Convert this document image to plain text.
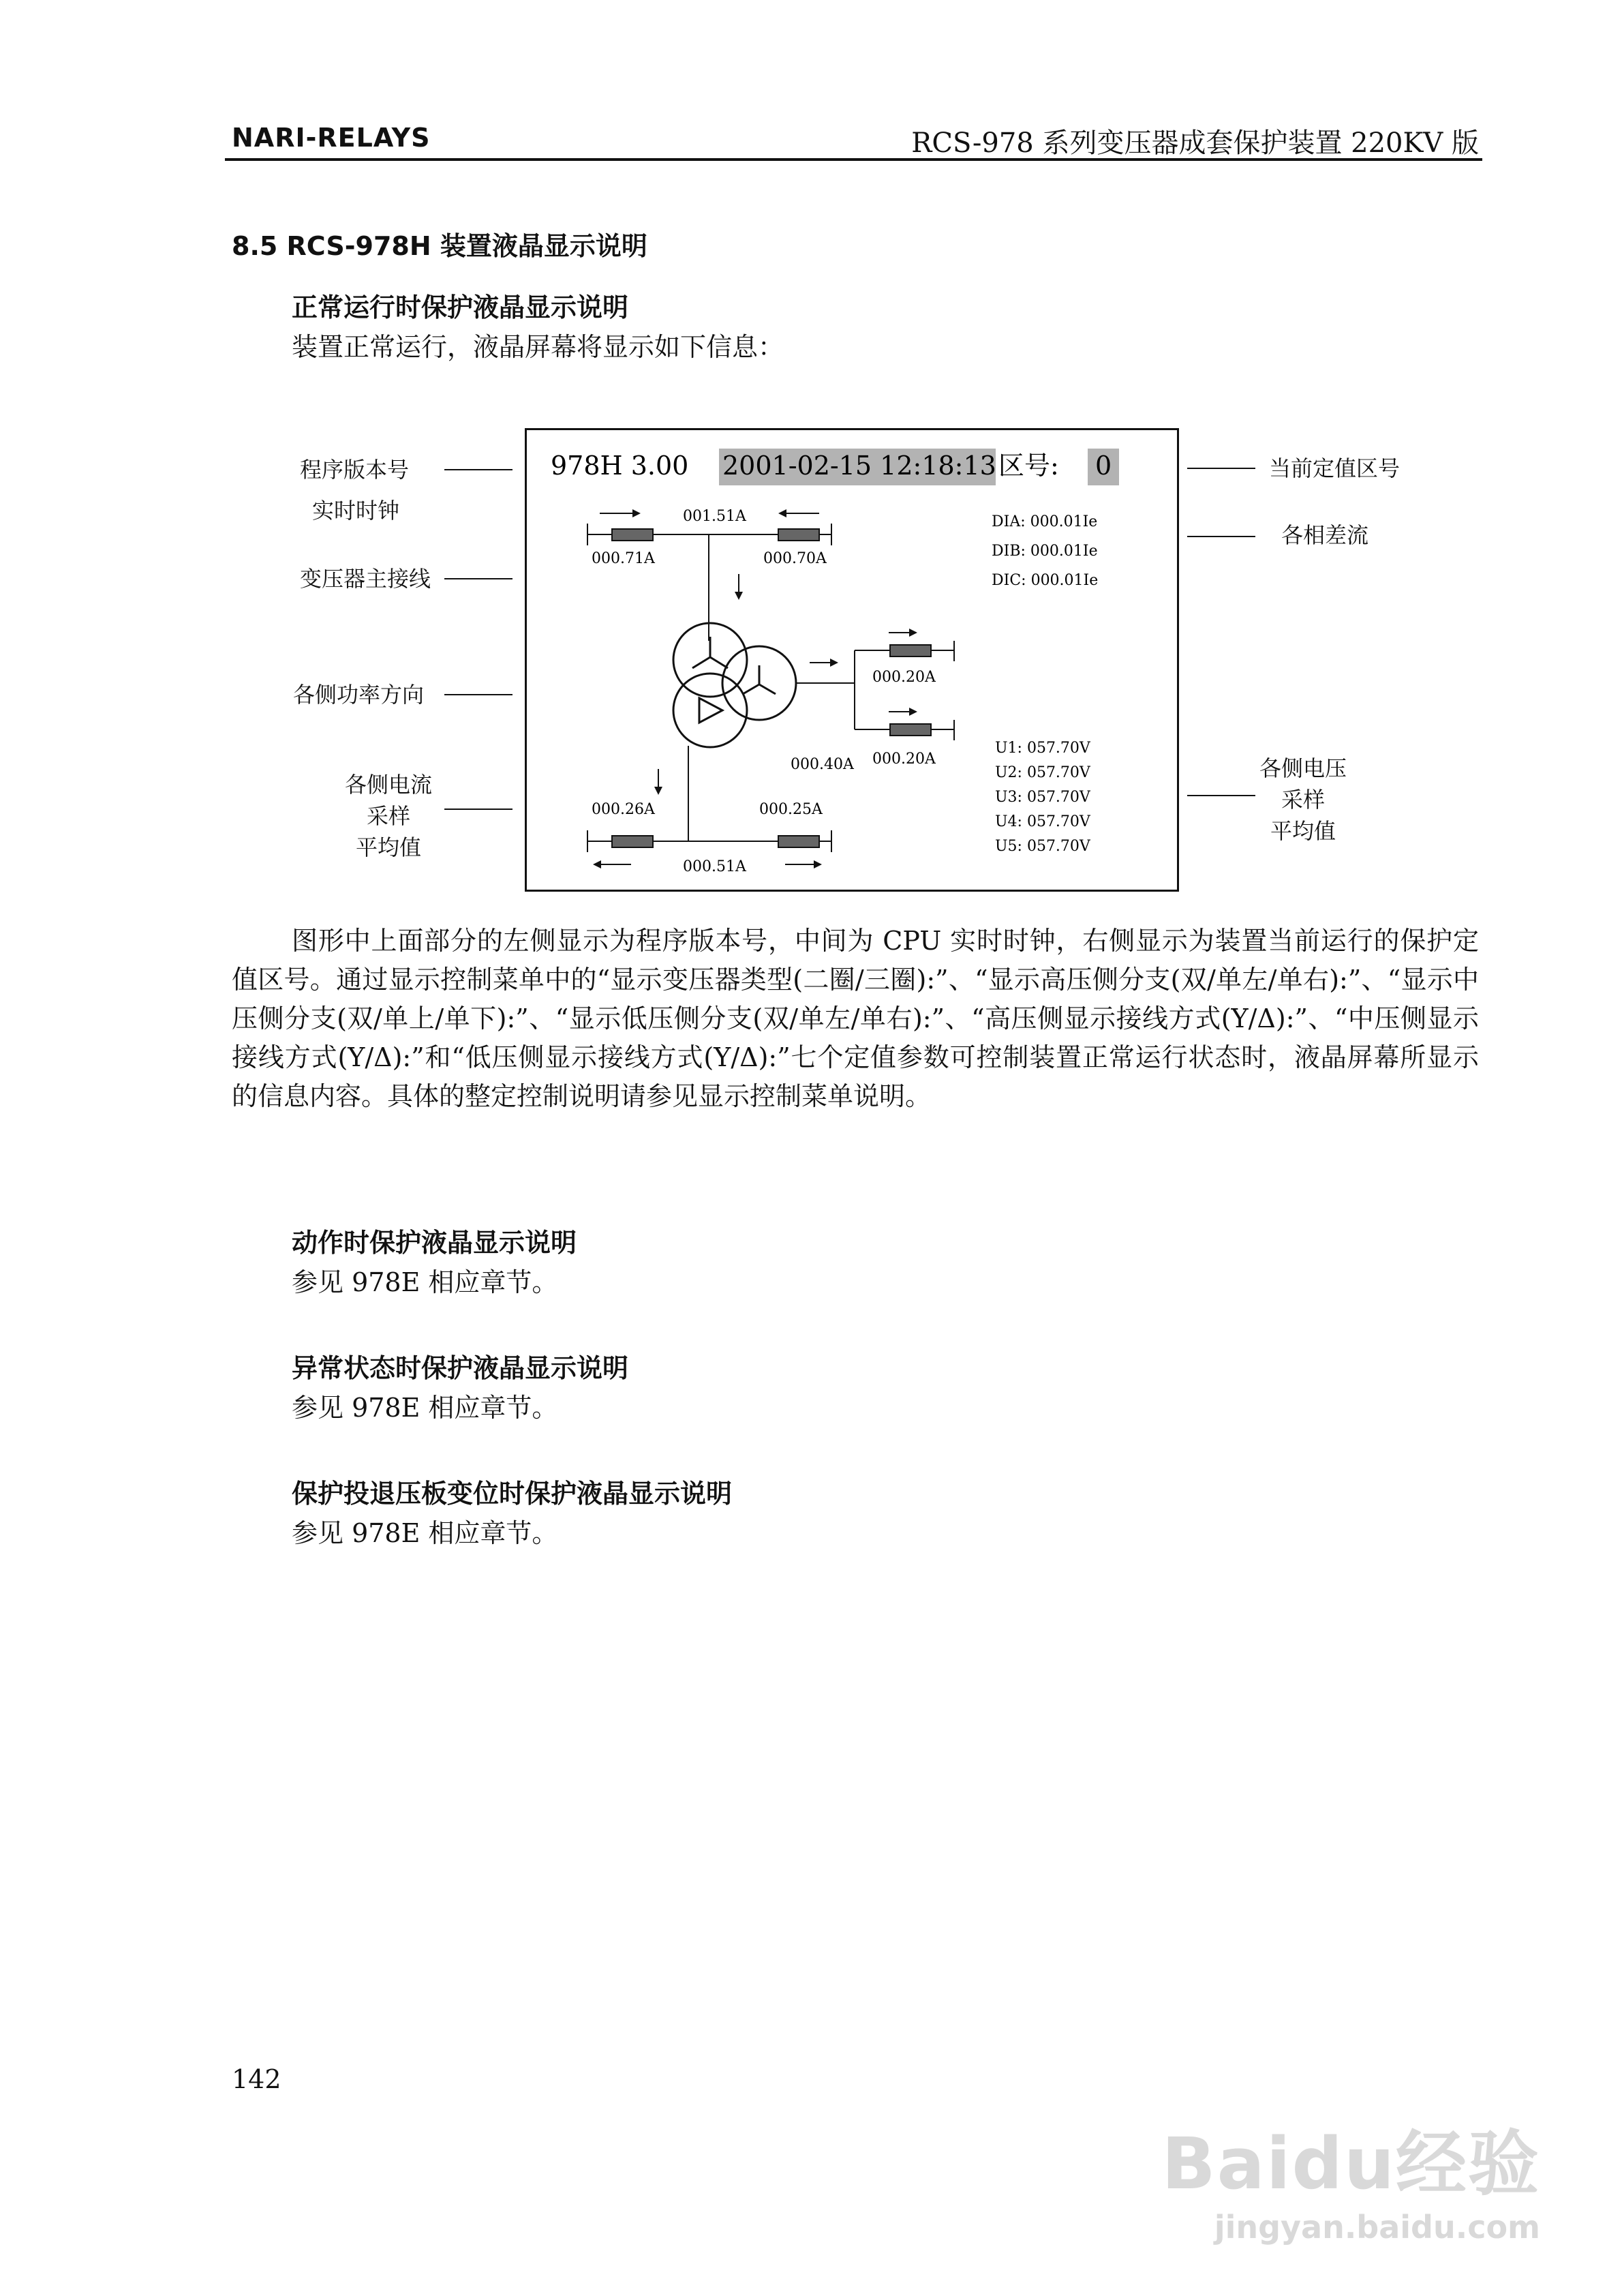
NARI-RELAYS	RCS-978 系列变压器成套保护装置 220KV 版
8.5 RCS-978H 装置液晶显示说明
正常运行时保护液晶显示说明
装置正常运行，液晶屏幕将显示如下信息：
程序版本号
实时时钟
变压器主接线
各侧功率方向
各侧电流
采样
平均值
当前定值区号
各相差流
各侧电压
采样
平均值
978H 3.00 2001-02-15 12:18:13 区号: 0
001.51A
000.71A	000.70A
DIA: 000.01Ie
DIB: 000.01Ie
DIC: 000.01Ie
000.20A
000.40A 000.20A
U1: 057.70V
U2: 057.70V
U3: 057.70V
U4: 057.70V
U5: 057.70V
000.26A	000.25A
000.51A
图形中上面部分的左侧显示为程序版本号，中间为 CPU 实时时钟，右侧显示为装置当前运行的保护定值区号。通过显示控制菜单中的“显示变压器类型(二圈/三圈):”、“显示高压侧分支(双/单左/单右):”、“显示中压侧分支(双/单上/单下):”、“显示低压侧分支(双/单左/单右):”、“高压侧显示接线方式(Y/Δ):”、“中压侧显示接线方式(Y/Δ):”和“低压侧显示接线方式(Y/Δ):”七个定值参数可控制装置正常运行状态时，液晶屏幕所显示的信息内容。具体的整定控制说明请参见显示控制菜单说明。
动作时保护液晶显示说明
参见 978E 相应章节。
异常状态时保护液晶显示说明
参见 978E 相应章节。
保护投退压板变位时保护液晶显示说明
参见 978E 相应章节。
142
Baidu经验
jingyan.baidu.com
